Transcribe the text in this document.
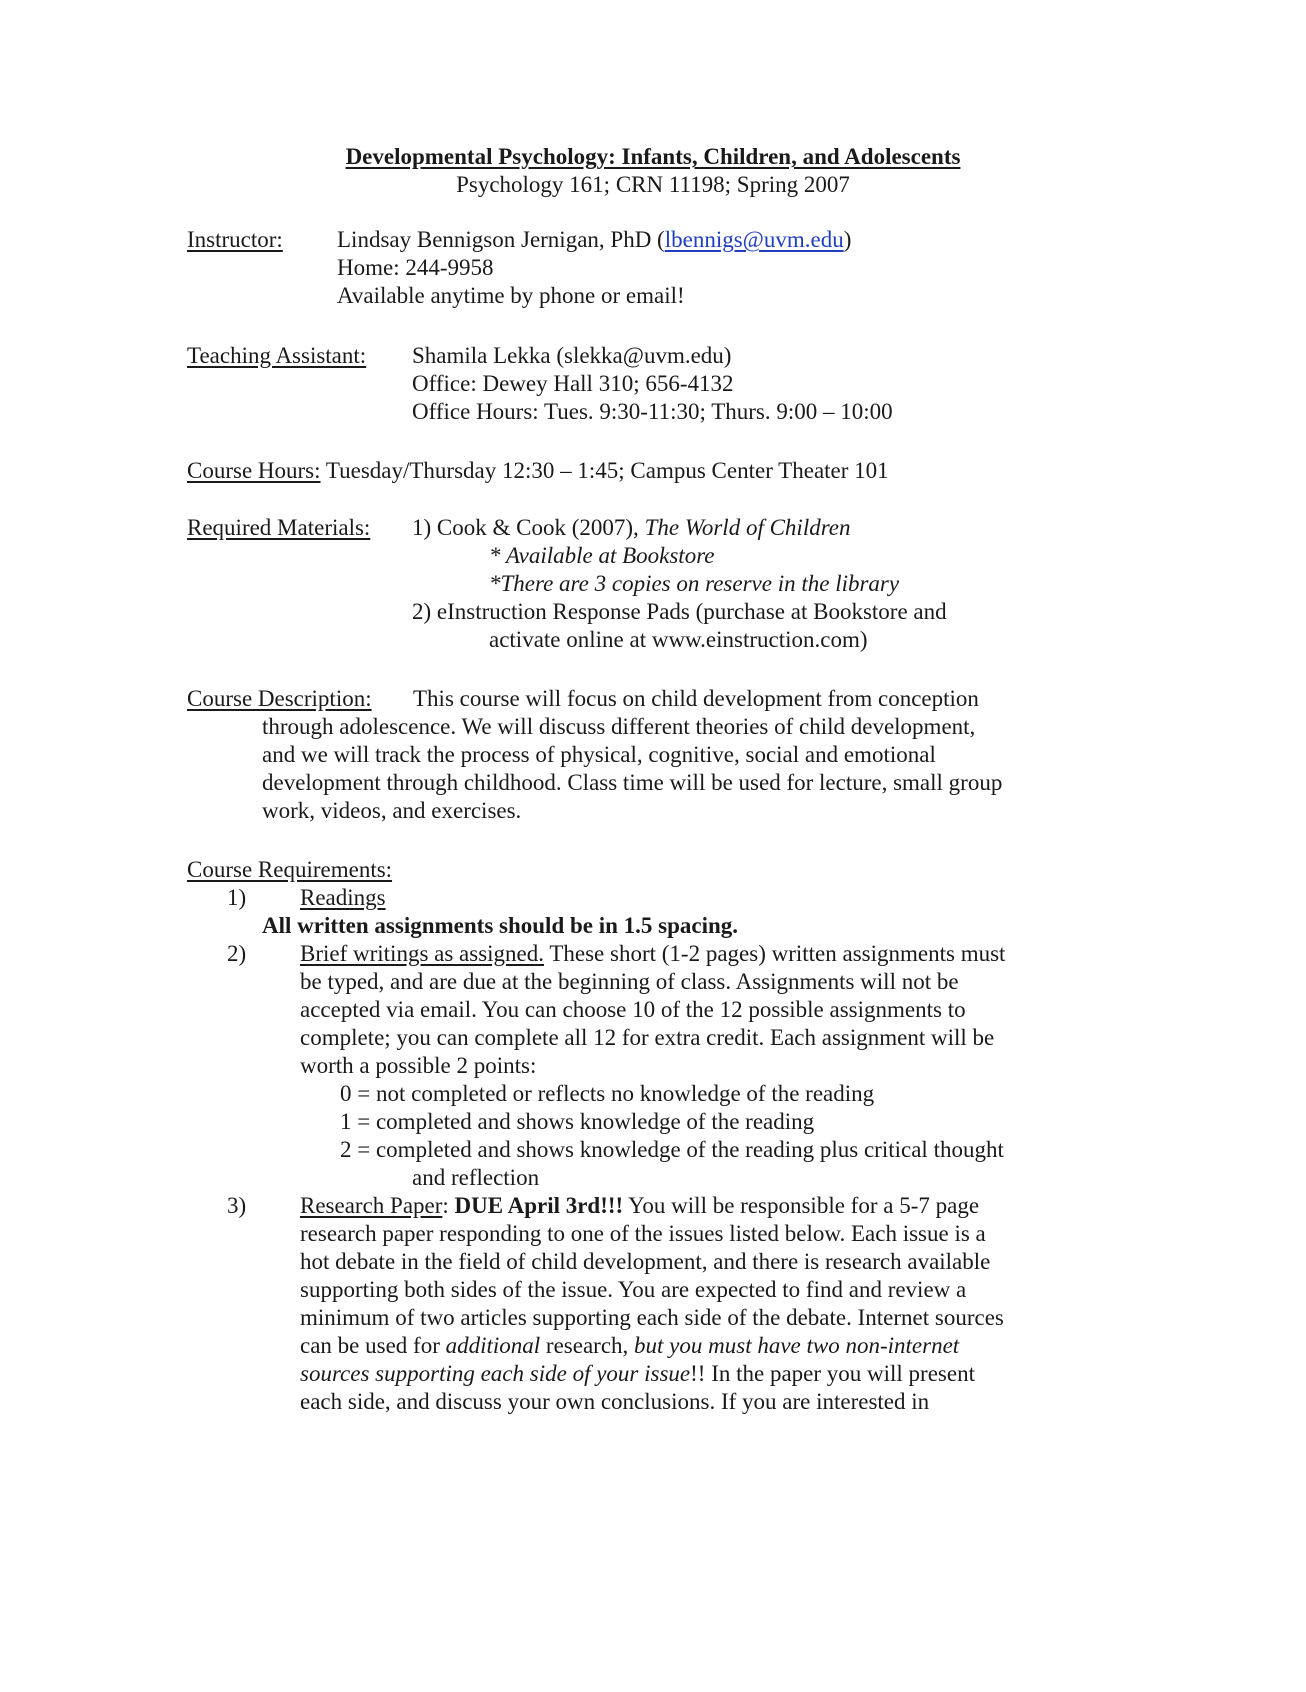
Developmental Psychology: Infants, Children, and Adolescents
Psychology 161; CRN 11198; Spring 2007
Instructor: Lindsay Bennigson Jernigan, PhD (lbennigs@uvm.edu)
Home: 244-9958
Available anytime by phone or email!
Teaching Assistant: Shamila Lekka (slekka@uvm.edu)
Office: Dewey Hall 310; 656-4132
Office Hours: Tues. 9:30-11:30; Thurs. 9:00 – 10:00
Course Hours: Tuesday/Thursday 12:30 – 1:45; Campus Center Theater 101
Required Materials: 1) Cook & Cook (2007), The World of Children
* Available at Bookstore
*There are 3 copies on reserve in the library
2) eInstruction Response Pads (purchase at Bookstore and
activate online at www.einstruction.com)
Course Description: This course will focus on child development from conception
through adolescence. We will discuss different theories of child development,
and we will track the process of physical, cognitive, social and emotional
development through childhood. Class time will be used for lecture, small group
work, videos, and exercises.
Course Requirements:
1) Readings
All written assignments should be in 1.5 spacing.
2) Brief writings as assigned. These short (1-2 pages) written assignments must
be typed, and are due at the beginning of class. Assignments will not be
accepted via email. You can choose 10 of the 12 possible assignments to
complete; you can complete all 12 for extra credit. Each assignment will be
worth a possible 2 points:
0 = not completed or reflects no knowledge of the reading
1 = completed and shows knowledge of the reading
2 = completed and shows knowledge of the reading plus critical thought
and reflection
3) Research Paper: DUE April 3rd!!! You will be responsible for a 5-7 page
research paper responding to one of the issues listed below. Each issue is a
hot debate in the field of child development, and there is research available
supporting both sides of the issue. You are expected to find and review a
minimum of two articles supporting each side of the debate. Internet sources
can be used for additional research, but you must have two non-internet
sources supporting each side of your issue!! In the paper you will present
each side, and discuss your own conclusions. If you are interested in
